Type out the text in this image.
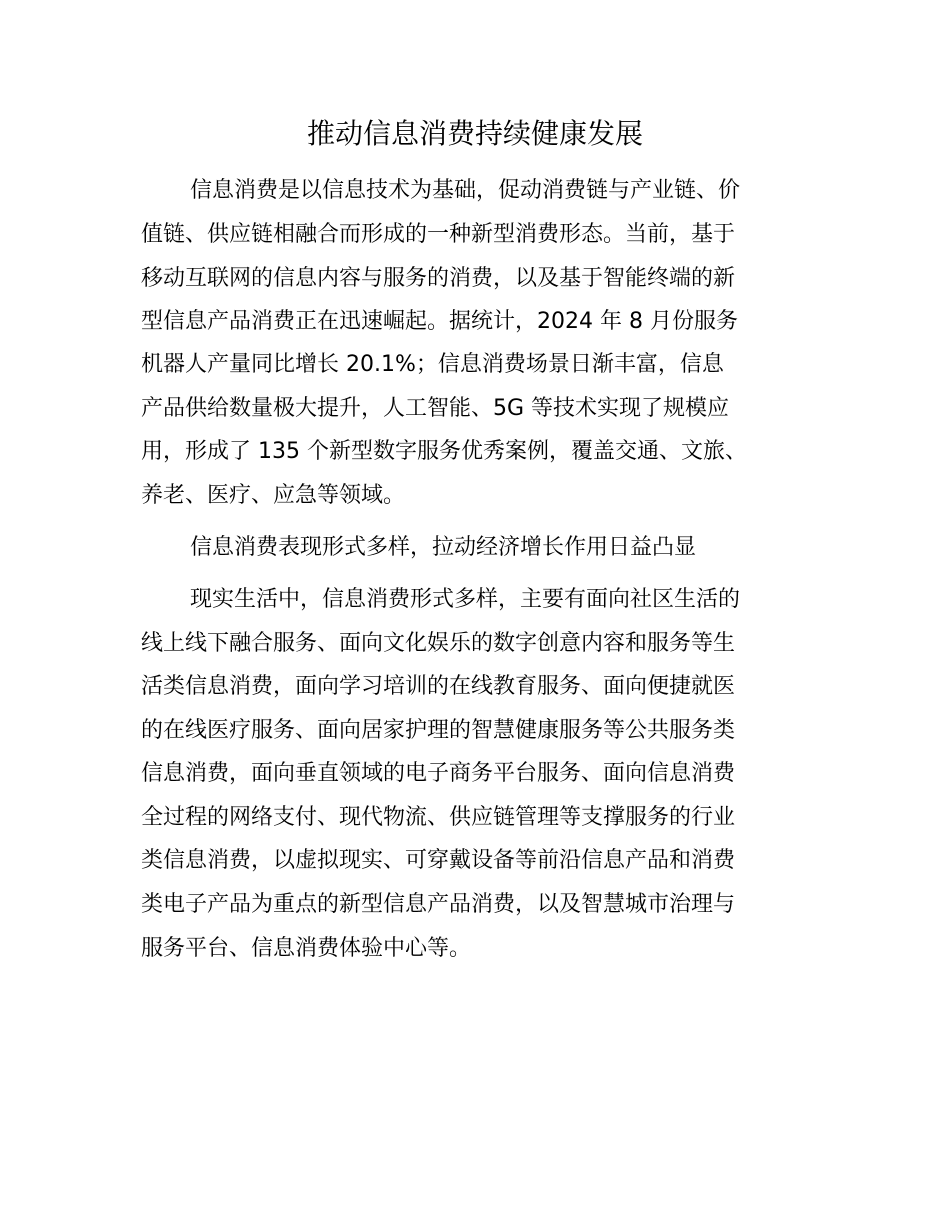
推动信息消费持续健康发展

信息消费是以信息技术为基础，促动消费链与产业链、价

值链、供应链相融合而形成的一种新型消费形态。当前，基于

移动互联网的信息内容与服务的消费，以及基于智能终端的新

型信息产品消费正在迅速崛起。据统计，2024 年 8 月份服务

机器人产量同比增长 20.1%；信息消费场景日渐丰富，信息

产品供给数量极大提升，人工智能、5G 等技术实现了规模应

用，形成了 135 个新型数字服务优秀案例，覆盖交通、文旅、

养老、医疗、应急等领域。

信息消费表现形式多样，拉动经济增长作用日益凸显

现实生活中，信息消费形式多样，主要有面向社区生活的

线上线下融合服务、面向文化娱乐的数字创意内容和服务等生

活类信息消费，面向学习培训的在线教育服务、面向便捷就医

的在线医疗服务、面向居家护理的智慧健康服务等公共服务类

信息消费，面向垂直领域的电子商务平台服务、面向信息消费

全过程的网络支付、现代物流、供应链管理等支撑服务的行业

类信息消费，以虚拟现实、可穿戴设备等前沿信息产品和消费

类电子产品为重点的新型信息产品消费，以及智慧城市治理与

服务平台、信息消费体验中心等。
